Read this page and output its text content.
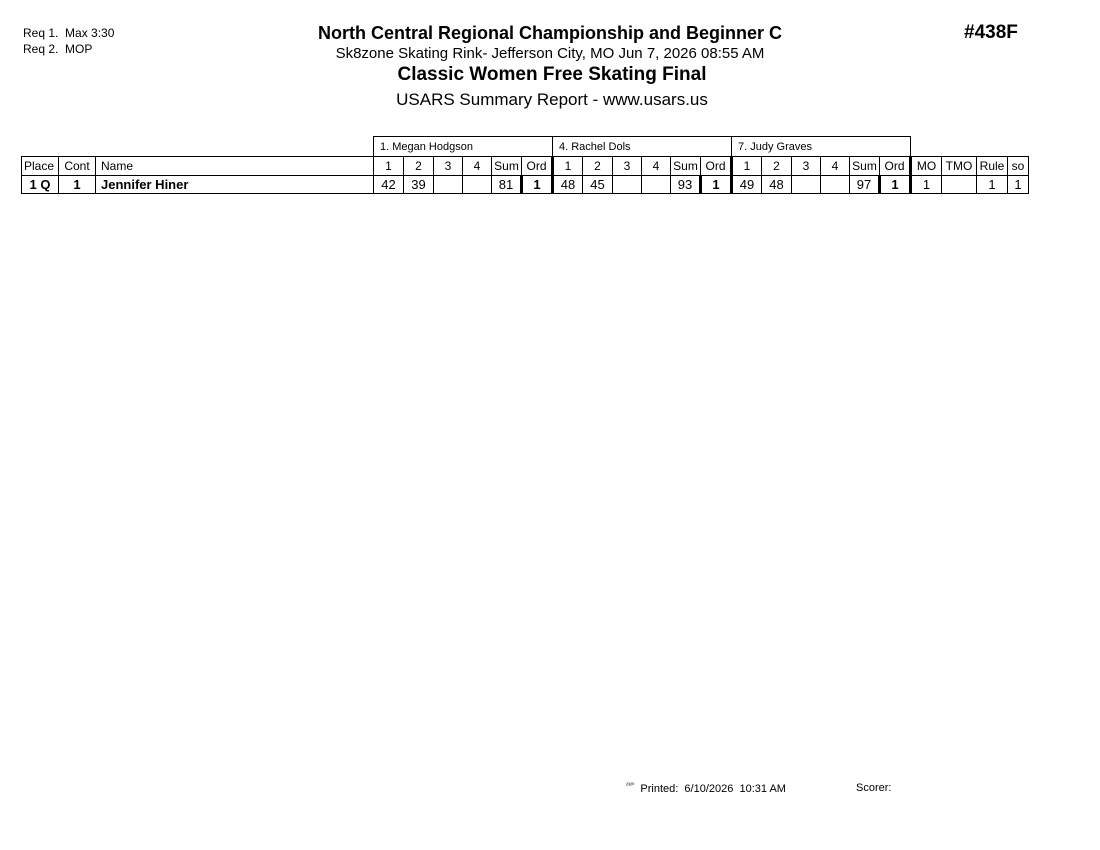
Req 1.  Max 3:30
Req 2.  MOP
#438F
North Central Regional Championship and Beginner C
Sk8zone Skating Rink- Jefferson City, MO Jun 7, 2026 08:55 AM
Classic Women Free Skating Final
USARS Summary Report - www.usars.us
			1. Megan Hodgson						4. Rachel Dols						7. Judy Graves									
Place	Cont	Name	1	2	3	4	Sum	Ord	1	2	3	4	Sum	Ord	1	2	3	4	Sum	Ord	MO	TMO	Rule	so
1 Q	1	Jennifer Hiner	42	39			81	1	48	45			93	1	49	48			97	1	1		1	1
$^{^{2320}}$ Printed:  6/10/2026  10:31 AM	Scorer:
